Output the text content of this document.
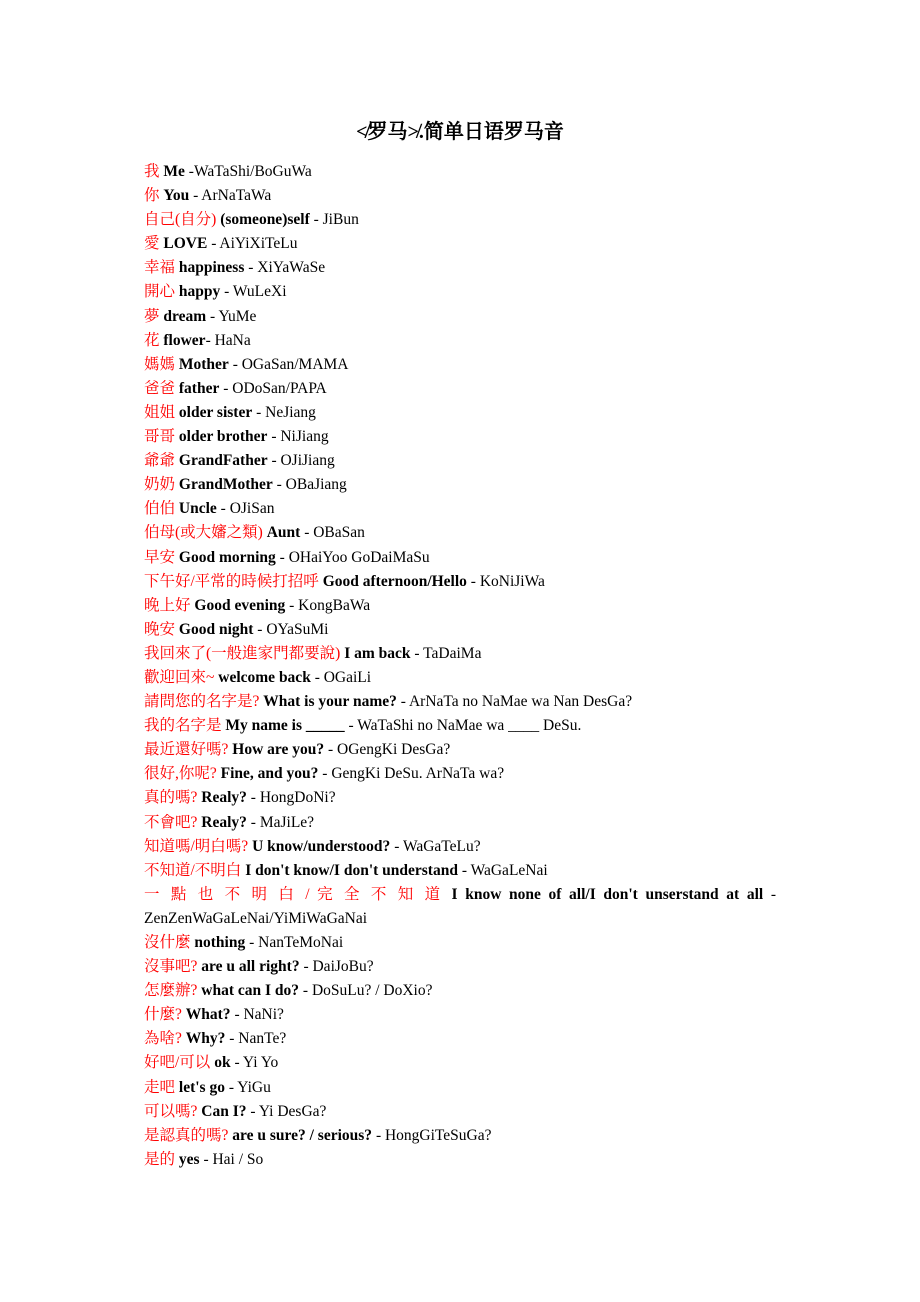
≮罗马≯.简单日语罗马音

我 Me -WaTaShi/BoGuWa

你 You - ArNaTaWa

自己(自分) (someone)self - JiBun

愛 LOVE - AiYiXiTeLu

幸福 happiness - XiYaWaSe

開心 happy - WuLeXi

夢 dream - YuMe

花 flower- HaNa

媽媽 Mother - OGaSan/MAMA

爸爸 father - ODoSan/PAPA

姐姐 older sister - NeJiang

哥哥 older brother - NiJiang

爺爺 GrandFather - OJiJiang

奶奶 GrandMother - OBaJiang

伯伯 Uncle - OJiSan

伯母(或大嬸之類) Aunt - OBaSan

早安 Good morning - OHaiYoo GoDaiMaSu

下午好/平常的時候打招呼 Good afternoon/Hello - KoNiJiWa

晚上好 Good evening - KongBaWa

晚安 Good night - OYaSuMi

我回來了(一般進家門都要說) I am back - TaDaiMa

歡迎回來~ welcome back - OGaiLi

請問您的名字是? What is your name? - ArNaTa no NaMae wa Nan DesGa?

我的名字是 My name is _____ - WaTaShi no NaMae wa ____ DeSu.

最近還好嗎? How are you? - OGengKi DesGa?

很好,你呢? Fine, and you? - GengKi DeSu. ArNaTa wa?

真的嗎? Realy? - HongDoNi?

不會吧? Realy? - MaJiLe?

知道嗎/明白嗎? U know/understood? - WaGaTeLu?

不知道/不明白 I don't know/I don't understand - WaGaLeNai

一 點 也 不 明 白 / 完 全 不 知 道 I know none of all/I don't unserstand at all - ZenZenWaGaLeNai/YiMiWaGaNai

沒什麼 nothing - NanTeMoNai

沒事吧? are u all right? - DaiJoBu?

怎麼辦? what can I do? - DoSuLu? / DoXio?

什麼? What? - NaNi?

為啥? Why? - NanTe?

好吧/可以 ok - Yi Yo

走吧 let's go - YiGu

可以嗎? Can I? - Yi DesGa?

是認真的嗎? are u sure? / serious? - HongGiTeSuGa?

是的 yes - Hai / So
